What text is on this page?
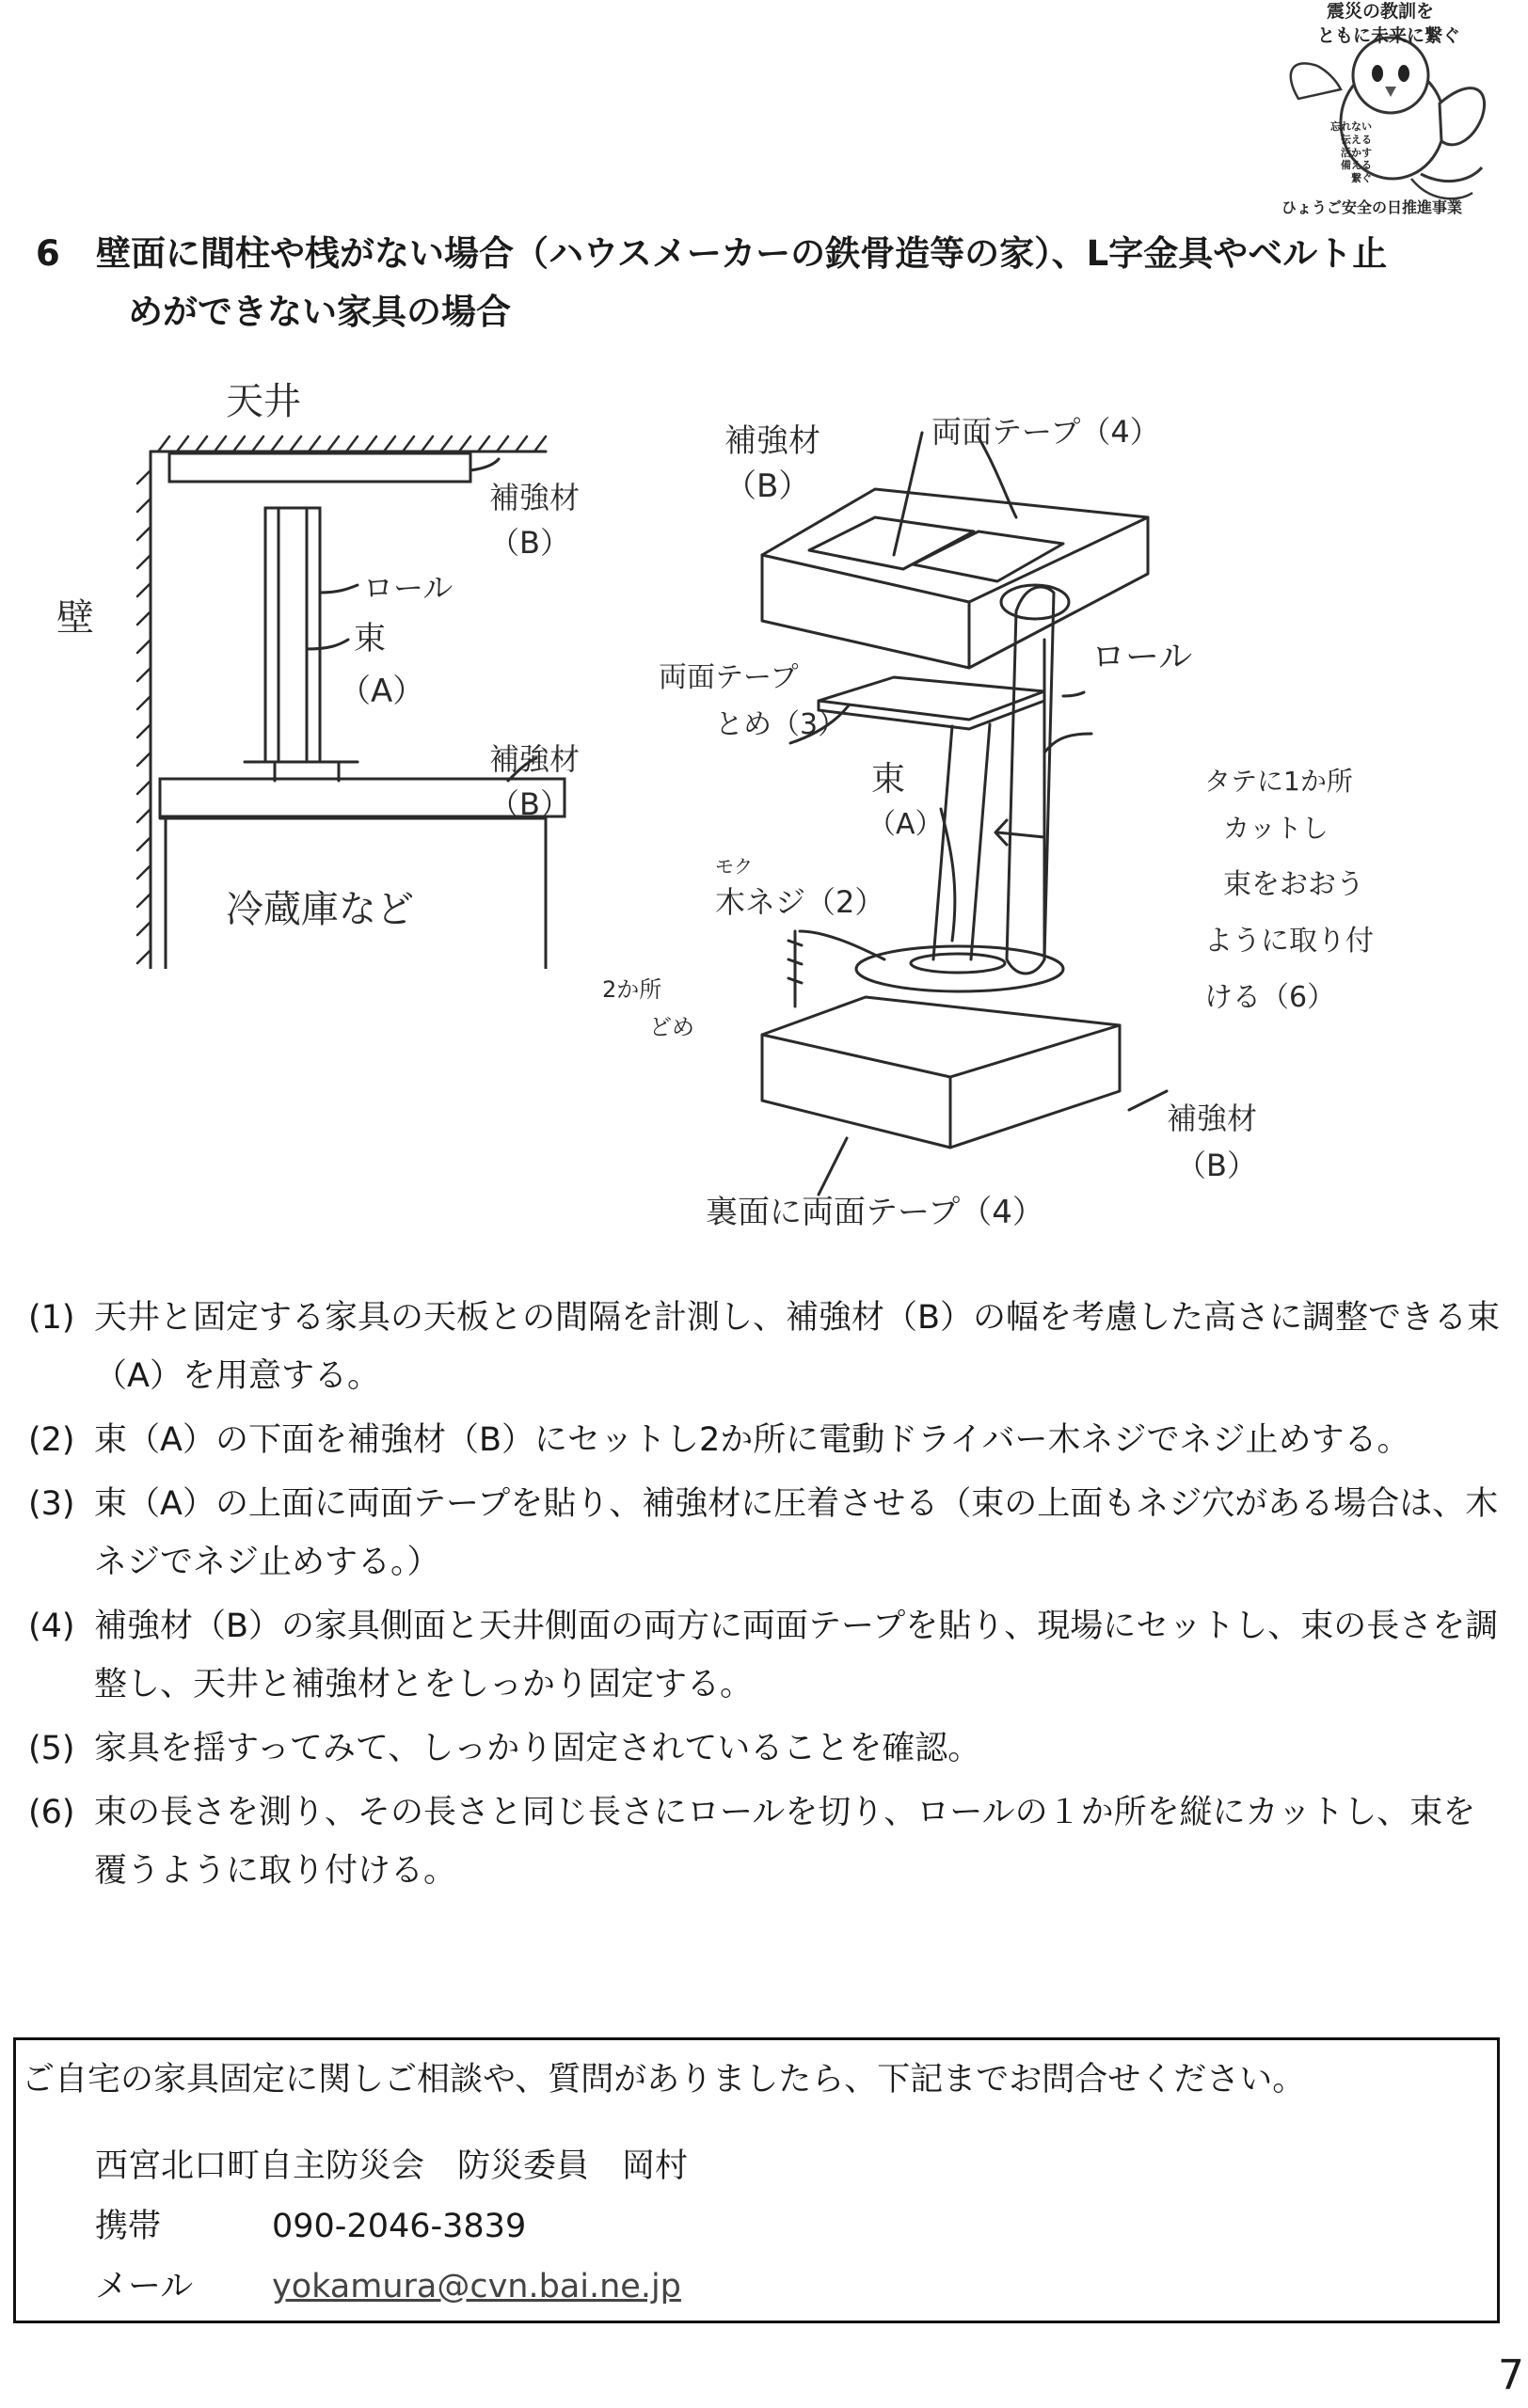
震災の教訓を
ともに未来に繋ぐ
忘れない
伝える
活かす
備える
繋ぐ
ひょうご安全の日推進事業
6 壁面に間柱や桟がない場合（ハウスメーカーの鉄骨造等の家）、L字金具やベルト止
めができない家具の場合
天井
壁
補強材
（B）
ロール
束
（A）
補強材
（B）
冷蔵庫など
補強材
（B）
両面テープ（4）
両面テープ
とめ（3）
ロール
束
（A）
タテに1か所
カットし
束をおおう
ように取り付
ける（6）
モク
木ネジ（2）
2か所
どめ
補強材
（B）
裏面に両面テープ（4）
(1) 天井と固定する家具の天板との間隔を計測し、補強材（B）の幅を考慮した高さに調整できる束（A）を用意する。
(2) 束（A）の下面を補強材（B）にセットし2か所に電動ドライバー木ネジでネジ止めする。
(3) 束（A）の上面に両面テープを貼り、補強材に圧着させる（束の上面もネジ穴がある場合は、木ネジでネジ止めする。）
(4) 補強材（B）の家具側面と天井側面の両方に両面テープを貼り、現場にセットし、束の長さを調整し、天井と補強材とをしっかり固定する。
(5) 家具を揺すってみて、しっかり固定されていることを確認。
(6) 束の長さを測り、その長さと同じ長さにロールを切り、ロールの１か所を縦にカットし、束を覆うように取り付ける。
ご自宅の家具固定に関しご相談や、質問がありましたら、下記までお問合せください。
西宮北口町自主防災会　防災委員　岡村
携帯	090-2046-3839
メール yokamura@cvn.bai.ne.jp
7
